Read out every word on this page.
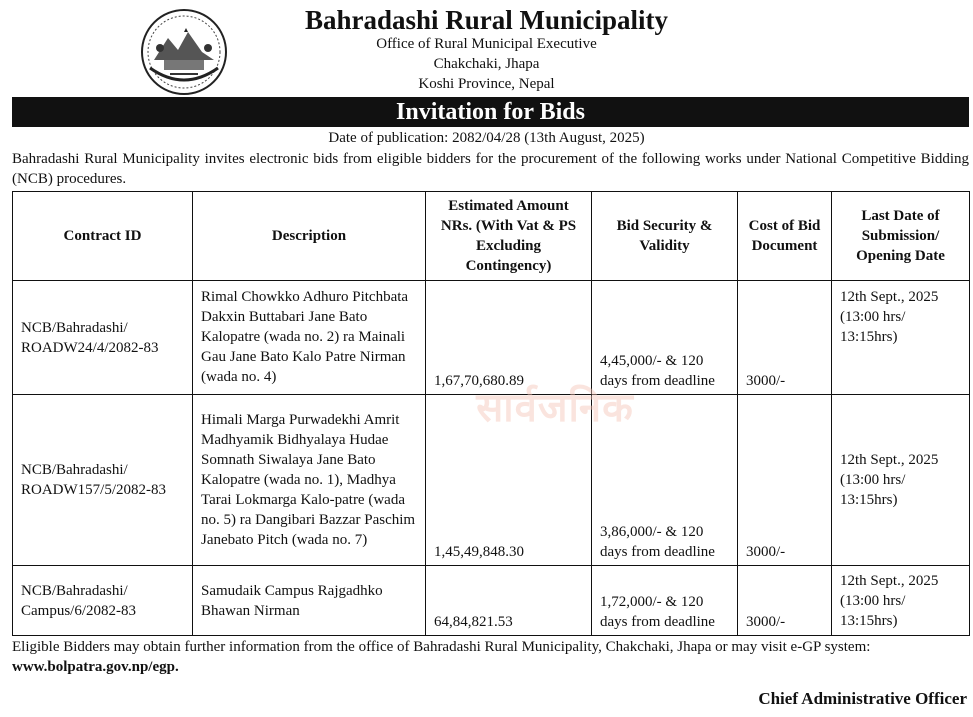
Bahradashi Rural Municipality
Office of Rural Municipal Executive
Chakchaki, Jhapa
Koshi Province, Nepal
Invitation for Bids
Date of publication: 2082/04/28 (13th August, 2025)
Bahradashi Rural Municipality invites electronic bids from eligible bidders for the procurement of the following works under National Competitive Bidding (NCB) procedures.
Contract ID	Description	Estimated Amount NRs. (With Vat & PS Excluding Contingency)	Bid Security & Validity	Cost of Bid Document	Last Date of Submission/ Opening Date
NCB/Bahradashi/ ROADW24/4/2082-83	Rimal Chowkko Adhuro Pitchbata Dakxin Buttabari Jane Bato Kalopatre (wada no. 2) ra Mainali Gau Jane Bato Kalo Patre Nirman (wada no. 4)	1,67,70,680.89	4,45,000/- & 120 days from deadline	3000/-	12th Sept., 2025 (13:00 hrs/ 13:15hrs)
NCB/Bahradashi/ ROADW157/5/2082-83	Himali Marga Purwadekhi Amrit Madhyamik Bidhyalaya Hudae Somnath Siwalaya Jane Bato Kalopatre (wada no. 1), Madhya Tarai Lokmarga Kalo-patre (wada no. 5) ra Dangibari Bazzar Paschim Janebato Pitch (wada no. 7)	1,45,49,848.30	3,86,000/- & 120 days from deadline	3000/-	12th Sept., 2025 (13:00 hrs/ 13:15hrs)
NCB/Bahradashi/ Campus/6/2082-83	Samudaik Campus Rajgadhko Bhawan Nirman	64,84,821.53	1,72,000/- & 120 days from deadline	3000/-	12th Sept., 2025 (13:00 hrs/ 13:15hrs)
सार्वजनिक
Eligible Bidders may obtain further information from the office of Bahradashi Rural Municipality, Chakchaki, Jhapa or may visit e-GP system:
www.bolpatra.gov.np/egp.
Chief Administrative Officer
